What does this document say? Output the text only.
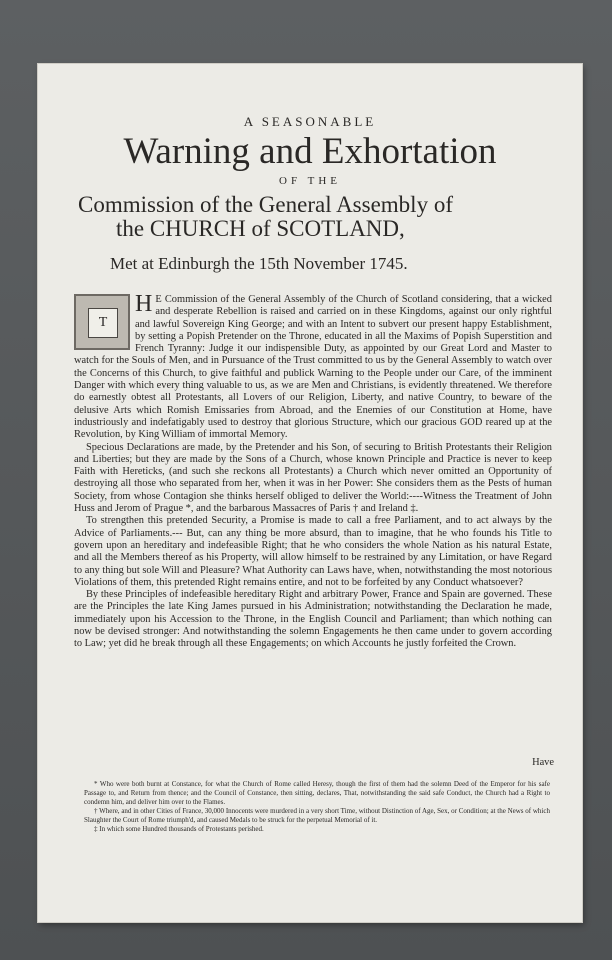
A SEASONABLE
Warning and Exhortation
OF THE
Commission of the General Assembly of
the CHURCH of SCOTLAND,
Met at Edinburgh the 15th November 1745.
T
H E Commission of the General Assembly of the Church of Scotland considering, that a wicked and desperate Rebellion is raised and carried on in these Kingdoms, against our only rightful and lawful Sovereign King George; and with an Intent to subvert our present happy Establishment, by setting a Popish Pretender on the Throne, educated in all the Maxims of Popish Superstition and French Tyranny: Judge it our indispensible Duty, as appointed by our Great Lord and Master to watch for the Souls of Men, and in Pursuance of the Trust committed to us by the General Assembly to watch over the Concerns of this Church, to give faithful and publick Warning to the People under our Care, of the imminent Danger with which every thing valuable to us, as we are Men and Christians, is evidently threatened. We therefore do earnestly obtest all Protestants, all Lovers of our Religion, Liberty, and native Country, to beware of the delusive Arts which Romish Emissaries from Abroad, and the Enemies of our Constitution at Home, have industriously and indefatigably used to destroy that glorious Structure, which our gracious GOD reared up at the Revolution, by King William of immortal Memory.

Specious Declarations are made, by the Pretender and his Son, of securing to British Protestants their Religion and Liberties; but they are made by the Sons of a Church, whose known Principle and Practice is never to keep Faith with Hereticks, (and such she reckons all Protestants) a Church which never omitted an Opportunity of destroying all those who separated from her, when it was in her Power: She considers them as the Pests of human Society, from whose Contagion she thinks herself obliged to deliver the World:----Witness the Treatment of John Huss and Jerom of Prague *, and the barbarous Massacres of Paris † and Ireland ‡.

To strengthen this pretended Security, a Promise is made to call a free Parliament, and to act always by the Advice of Parliaments.--- But, can any thing be more absurd, than to imagine, that he who founds his Title to govern upon an hereditary and indefeasible Right; that he who considers the whole Nation as his natural Estate, and all the Members thereof as his Property, will allow himself to be restrained by any Limitation, or have Regard to any thing but sole Will and Pleasure? What Authority can Laws have, when, notwithstanding the most notorious Violations of them, this pretended Right remains entire, and not to be forfeited by any Conduct whatsoever?

By these Principles of indefeasible hereditary Right and arbitrary Power, France and Spain are governed. These are the Principles the late King James pursued in his Administration; notwithstanding the Declaration he made, immediately upon his Accession to the Throne, in the English Council and Parliament; than which nothing can now be devised stronger: And notwithstanding the solemn Engagements he then came under to govern according to Law; yet did he break through all these Engagements; on which Accounts he justly forfeited the Crown.

Have

* Who were both burnt at Constance, for what the Church of Rome called Heresy, though the first of them had the solemn Deed of the Emperor for his safe Passage to, and Return from thence; and the Council of Constance, then sitting, declares, That, notwithstanding the said safe Conduct, the Church had a Right to condemn him, and deliver him over to the Flames.

† Where, and in other Cities of France, 30,000 Innocents were murdered in a very short Time, without Distinction of Age, Sex, or Condition; at the News of which Slaughter the Court of Rome triumph'd, and caused Medals to be struck for the perpetual Memorial of it.

‡ In which some Hundred thousands of Protestants perished.
